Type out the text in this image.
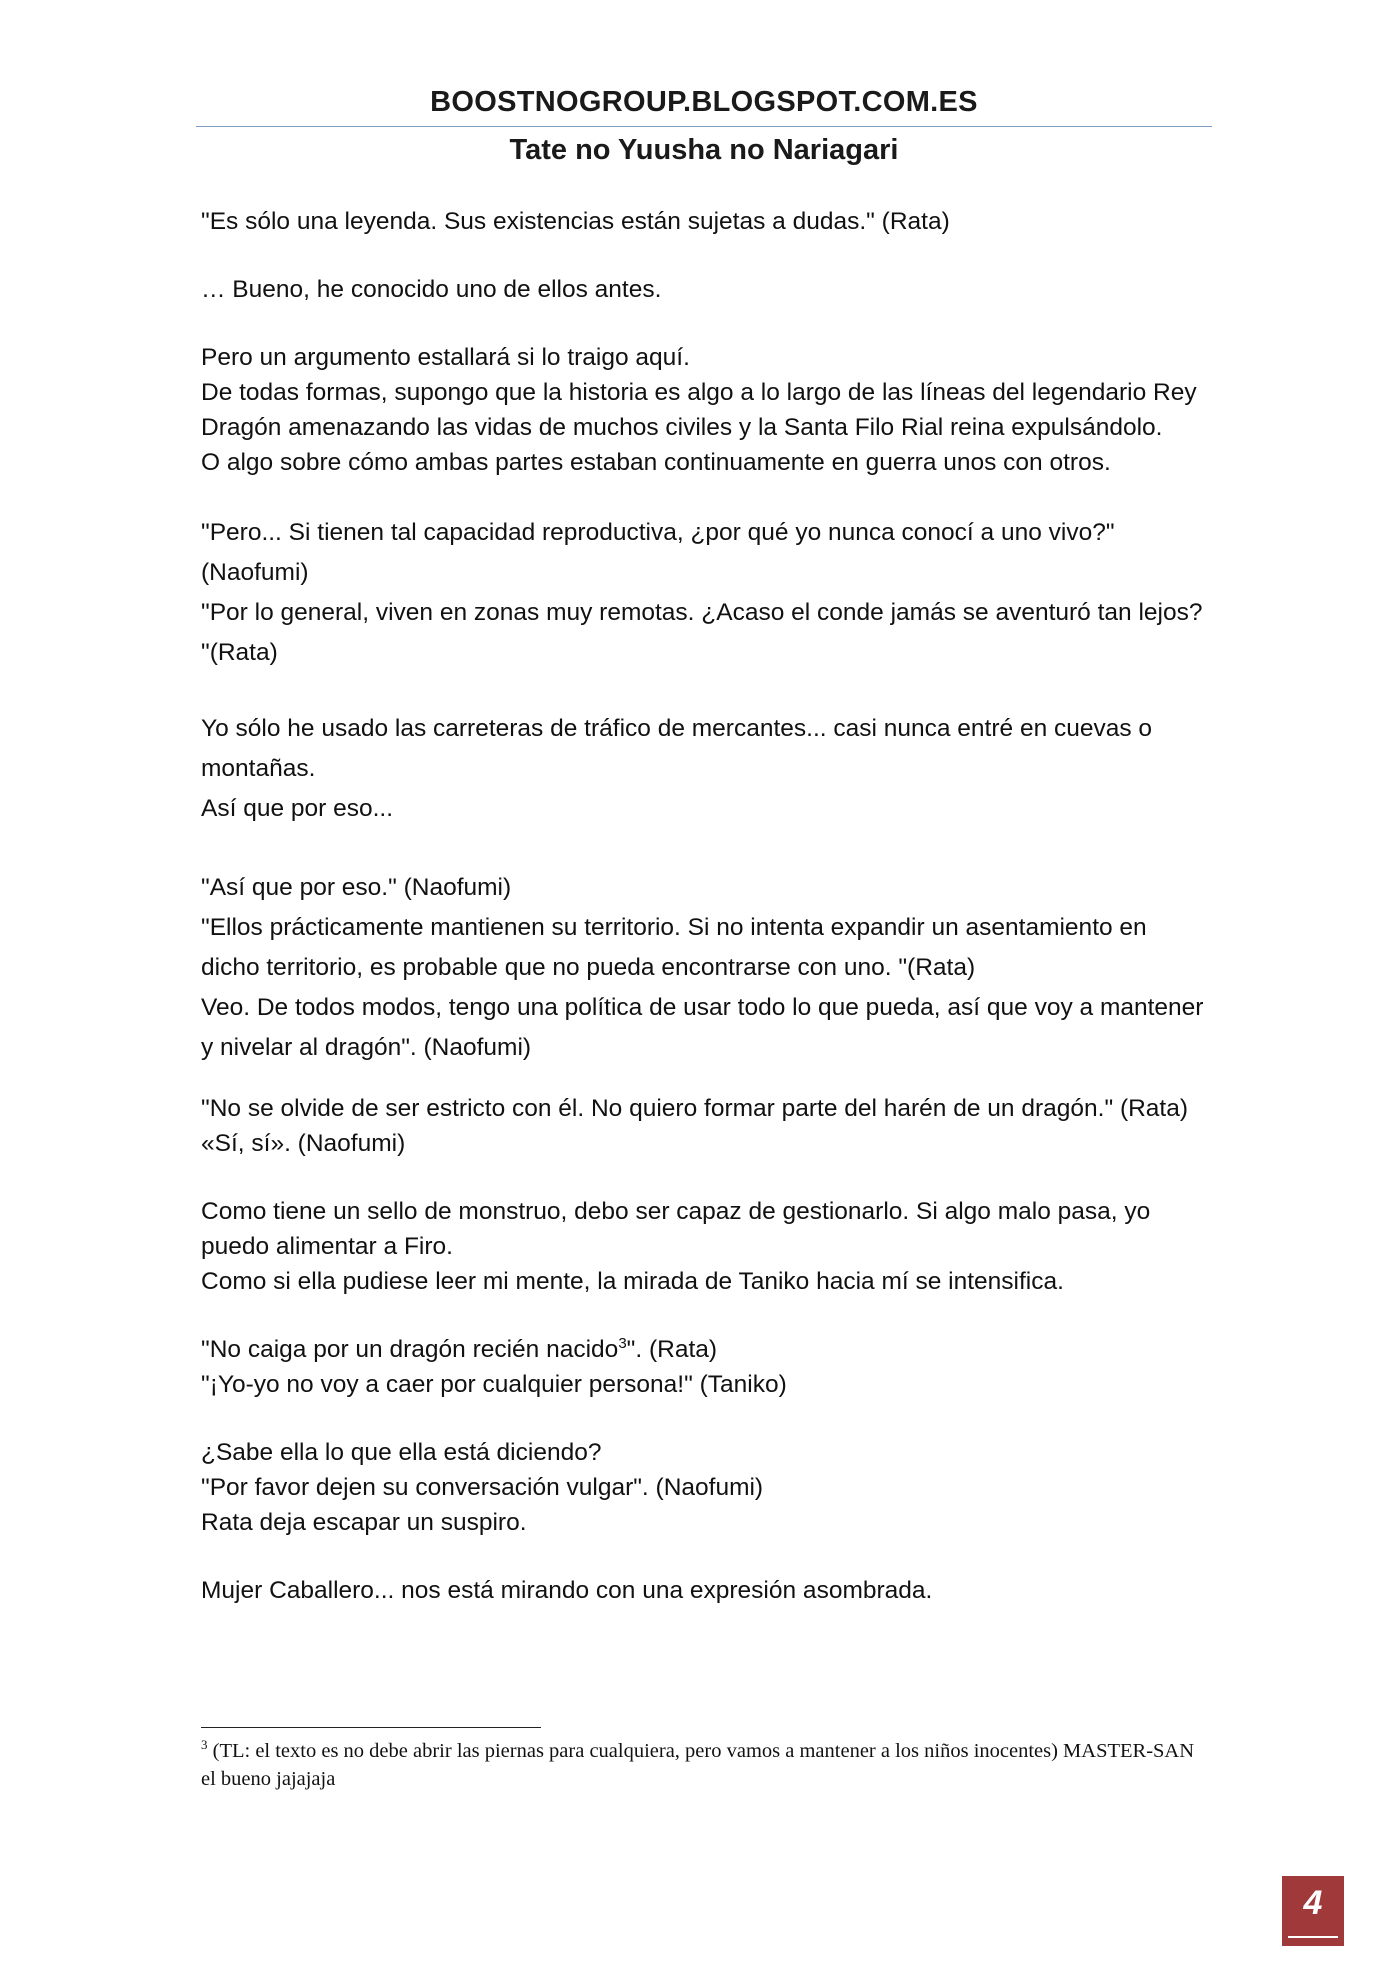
BOOSTNOGROUP.BLOGSPOT.COM.ES
Tate no Yuusha no Nariagari

"Es sólo una leyenda. Sus existencias están sujetas a dudas." (Rata)

… Bueno, he conocido uno de ellos antes.

Pero un argumento estallará si lo traigo aquí.

De todas formas, supongo que la historia es algo a lo largo de las líneas del legendario Rey Dragón amenazando las vidas de muchos civiles y la Santa Filo Rial reina expulsándolo.

O algo sobre cómo ambas partes estaban continuamente en guerra unos con otros.

"Pero... Si tienen tal capacidad reproductiva, ¿por qué yo nunca conocí a uno vivo?" (Naofumi)

"Por lo general, viven en zonas muy remotas. ¿Acaso el conde jamás se aventuró tan lejos? "(Rata)

Yo sólo he usado las carreteras de tráfico de mercantes... casi nunca entré en cuevas o montañas.

Así que por eso...

"Así que por eso." (Naofumi)

"Ellos prácticamente mantienen su territorio. Si no intenta expandir un asentamiento en dicho territorio, es probable que no pueda encontrarse con uno. "(Rata)

Veo. De todos modos, tengo una política de usar todo lo que pueda, así que voy a mantener y nivelar al dragón". (Naofumi)

"No se olvide de ser estricto con él. No quiero formar parte del harén de un dragón." (Rata)

«Sí, sí». (Naofumi)

Como tiene un sello de monstruo, debo ser capaz de gestionarlo. Si algo malo pasa, yo puedo alimentar a Firo.

Como si ella pudiese leer mi mente, la mirada de Taniko hacia mí se intensifica.

"No caiga por un dragón recién nacido$^3$". (Rata)

"¡Yo-yo no voy a caer por cualquier persona!" (Taniko)

¿Sabe ella lo que ella está diciendo?

"Por favor dejen su conversación vulgar". (Naofumi)

Rata deja escapar un suspiro.

Mujer Caballero... nos está mirando con una expresión asombrada.

$^3$ (TL: el texto es no debe abrir las piernas para cualquiera, pero vamos a mantener a los niños inocentes) MASTER-SAN el bueno jajajaja
4
